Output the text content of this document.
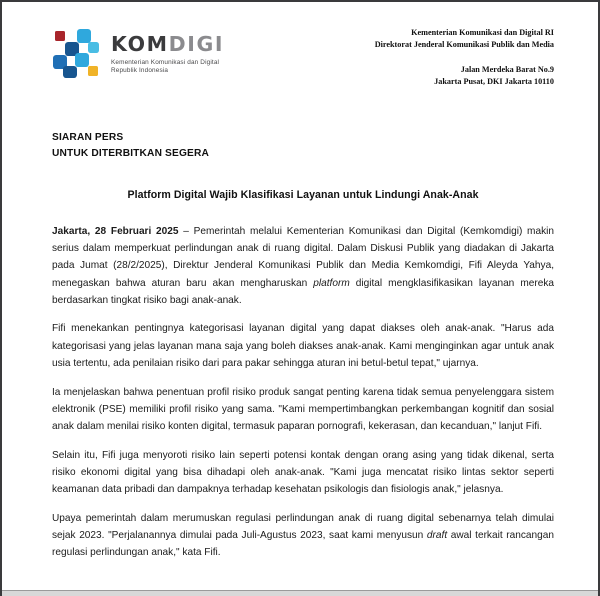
KOMDIGI
Kementerian Komunikasi dan Digital
Republik Indonesia
Kementerian Komunikasi dan Digital RI
Direktorat Jenderal Komunikasi Publik dan Media
Jalan Merdeka Barat No.9
Jakarta Pusat, DKI Jakarta 10110
SIARAN PERS
UNTUK DITERBITKAN SEGERA
Platform Digital Wajib Klasifikasi Layanan untuk Lindungi Anak-Anak

Jakarta, 28 Februari 2025 – Pemerintah melalui Kementerian Komunikasi dan Digital (Kemkomdigi) makin serius dalam memperkuat perlindungan anak di ruang digital. Dalam Diskusi Publik yang diadakan di Jakarta pada Jumat (28/2/2025), Direktur Jenderal Komunikasi Publik dan Media Kemkomdigi, Fifi Aleyda Yahya, menegaskan bahwa aturan baru akan mengharuskan platform digital mengklasifikasikan layanan mereka berdasarkan tingkat risiko bagi anak-anak.

Fifi menekankan pentingnya kategorisasi layanan digital yang dapat diakses oleh anak-anak. "Harus ada kategorisasi yang jelas layanan mana saja yang boleh diakses anak-anak. Kami menginginkan agar untuk anak usia tertentu, ada penilaian risiko dari para pakar sehingga aturan ini betul-betul tepat," ujarnya.

Ia menjelaskan bahwa penentuan profil risiko produk sangat penting karena tidak semua penyelenggara sistem elektronik (PSE) memiliki profil risiko yang sama. "Kami mempertimbangkan perkembangan kognitif dan sosial anak dalam menilai risiko konten digital, termasuk paparan pornografi, kekerasan, dan kecanduan," lanjut Fifi.

Selain itu, Fifi juga menyoroti risiko lain seperti potensi kontak dengan orang asing yang tidak dikenal, serta risiko ekonomi digital yang bisa dihadapi oleh anak-anak. "Kami juga mencatat risiko lintas sektor seperti keamanan data pribadi dan dampaknya terhadap kesehatan psikologis dan fisiologis anak," jelasnya.

Upaya pemerintah dalam merumuskan regulasi perlindungan anak di ruang digital sebenarnya telah dimulai sejak 2023. "Perjalanannya dimulai pada Juli-Agustus 2023, saat kami menyusun draft awal terkait rancangan regulasi perlindungan anak," kata Fifi.
